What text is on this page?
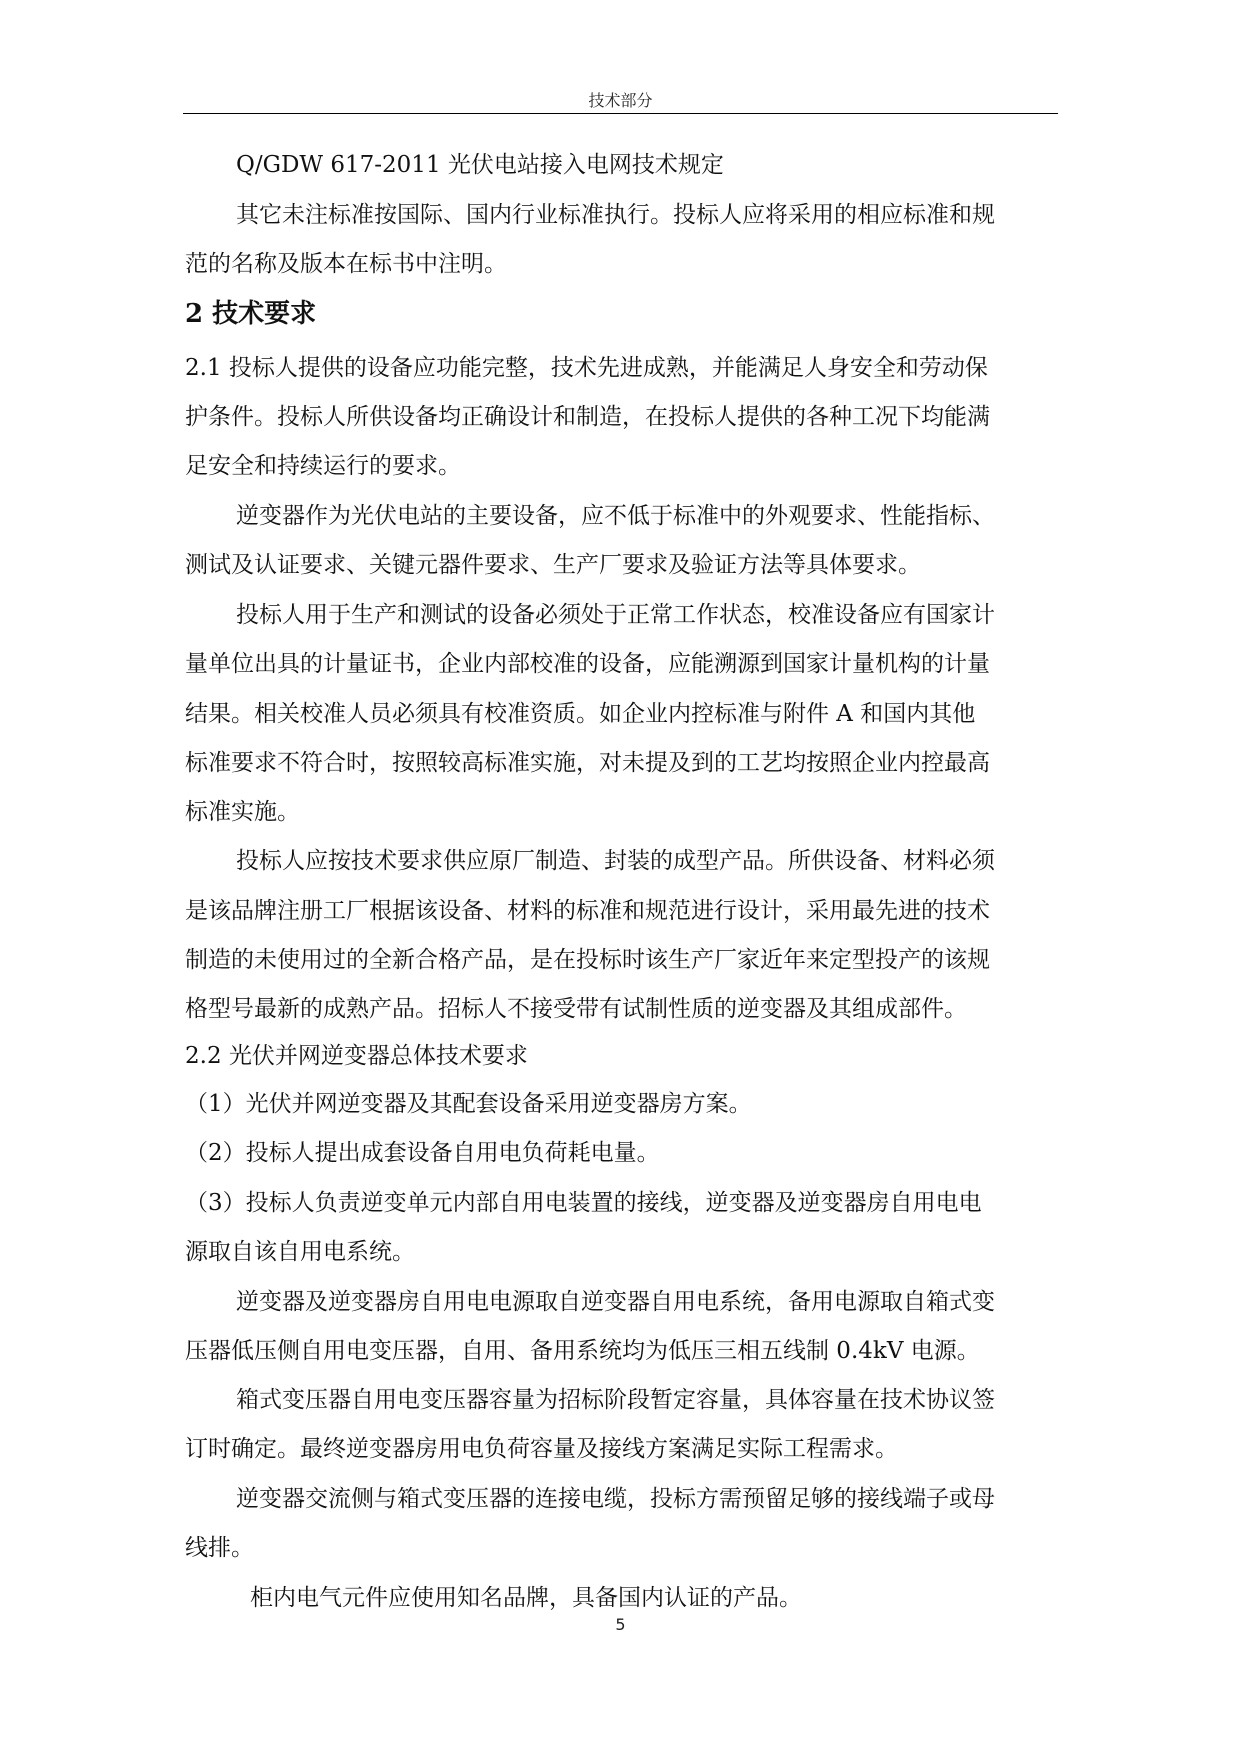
技术部分
Q/GDW 617-2011 光伏电站接入电网技术规定
其它未注标准按国际、国内行业标准执行。投标人应将采用的相应标准和规
范的名称及版本在标书中注明。
2 技术要求
2.1 投标人提供的设备应功能完整，技术先进成熟，并能满足人身安全和劳动保
护条件。投标人所供设备均正确设计和制造，在投标人提供的各种工况下均能满
足安全和持续运行的要求。
逆变器作为光伏电站的主要设备，应不低于标准中的外观要求、性能指标、
测试及认证要求、关键元器件要求、生产厂要求及验证方法等具体要求。
投标人用于生产和测试的设备必须处于正常工作状态，校准设备应有国家计
量单位出具的计量证书，企业内部校准的设备，应能溯源到国家计量机构的计量
结果。相关校准人员必须具有校准资质。如企业内控标准与附件 A 和国内其他
标准要求不符合时，按照较高标准实施，对未提及到的工艺均按照企业内控最高
标准实施。
投标人应按技术要求供应原厂制造、封装的成型产品。所供设备、材料必须
是该品牌注册工厂根据该设备、材料的标准和规范进行设计，采用最先进的技术
制造的未使用过的全新合格产品，是在投标时该生产厂家近年来定型投产的该规
格型号最新的成熟产品。招标人不接受带有试制性质的逆变器及其组成部件。
2.2 光伏并网逆变器总体技术要求
（1）光伏并网逆变器及其配套设备采用逆变器房方案。
（2）投标人提出成套设备自用电负荷耗电量。
（3）投标人负责逆变单元内部自用电装置的接线，逆变器及逆变器房自用电电
源取自该自用电系统。
逆变器及逆变器房自用电电源取自逆变器自用电系统，备用电源取自箱式变
压器低压侧自用电变压器，自用、备用系统均为低压三相五线制 0.4kV 电源。
箱式变压器自用电变压器容量为招标阶段暂定容量，具体容量在技术协议签
订时确定。最终逆变器房用电负荷容量及接线方案满足实际工程需求。
逆变器交流侧与箱式变压器的连接电缆，投标方需预留足够的接线端子或母
线排。
柜内电气元件应使用知名品牌，具备国内认证的产品。
5
